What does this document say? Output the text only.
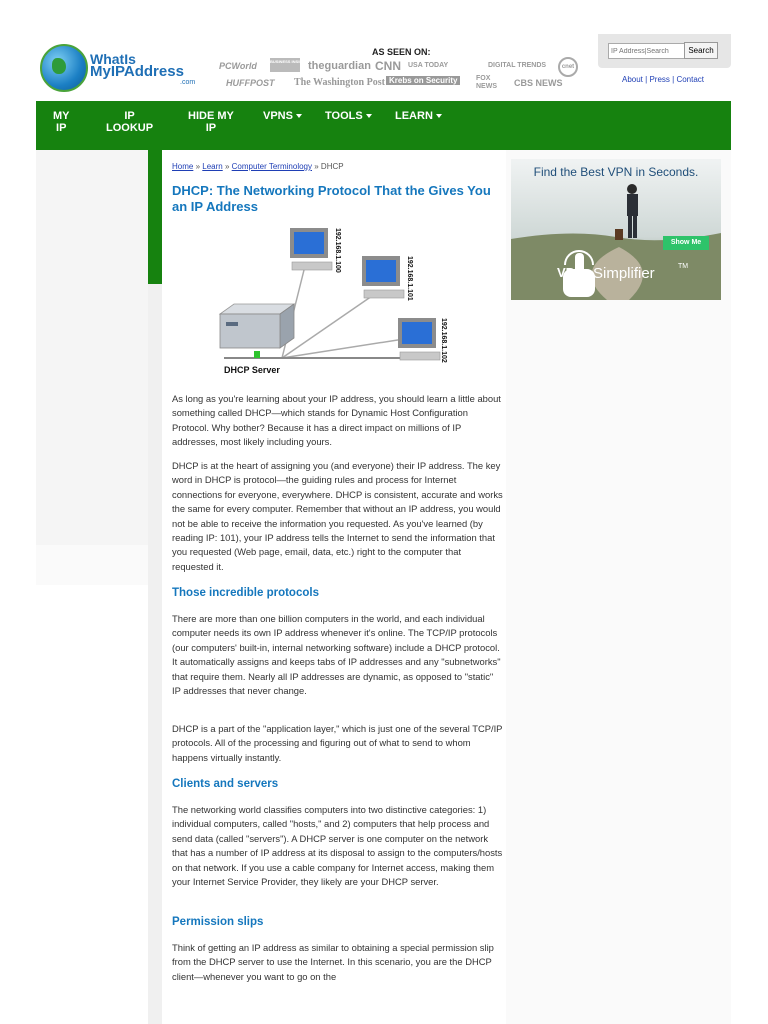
WhatIs
MyIPAddress
.com
AS SEEN ON:
PCWorld	BUSINESS INSIDER theguardian CNN USA TODAY	DIGITAL TRENDS	cnet
HUFFPOST The Washington Post Krebs on Security	FOX NEWS	CBS NEWS
IP Address|Search
Search
About | Press | Contact
MY
IP
IP
LOOKUP
HIDE MY
IP
VPNS	TOOLS	LEARN
Home » Learn » Computer Terminology » DHCP
DHCP: The Networking Protocol That the Gives You an IP Address
DHCP Server
192.168.1.100
192.168.1.101
192.168.1.102

As long as you're learning about your IP address, you should learn a little about something called DHCP—which stands for Dynamic Host Configuration Protocol. Why bother? Because it has a direct impact on millions of IP addresses, most likely including yours.

DHCP is at the heart of assigning you (and everyone) their IP address. The key word in DHCP is protocol—the guiding rules and process for Internet connections for everyone, everywhere. DHCP is consistent, accurate and works the same for every computer. Remember that without an IP address, you would not be able to receive the information you requested. As you've learned (by reading IP: 101), your IP address tells the Internet to send the information that you requested (Web page, email, data, etc.) right to the computer that requested it.

Those incredible protocols

There are more than one billion computers in the world, and each individual computer needs its own IP address whenever it's online. The TCP/IP protocols (our computers' built-in, internal networking software) include a DHCP protocol. It automatically assigns and keeps tabs of IP addresses and any "subnetworks" that require them. Nearly all IP addresses are dynamic, as opposed to "static" IP addresses that never change.

DHCP is a part of the "application layer," which is just one of the several TCP/IP protocols. All of the processing and figuring out of what to send to whom happens virtually instantly.

Clients and servers

The networking world classifies computers into two distinctive categories: 1) individual computers, called "hosts," and 2) computers that help process and send data (called "servers"). A DHCP server is one computer on the network that has a number of IP address at its disposal to assign to the computers/hosts on that network. If you use a cable company for Internet access, making them your Internet Service Provider, they likely are your DHCP server.

Permission slips

Think of getting an IP address as similar to obtaining a special permission slip from the DHCP server to use the Internet. In this scenario, you are the DHCP client—whenever you want to go on the

Find the Best VPN in Seconds.
Show Me
VPN Simplifier	TM
